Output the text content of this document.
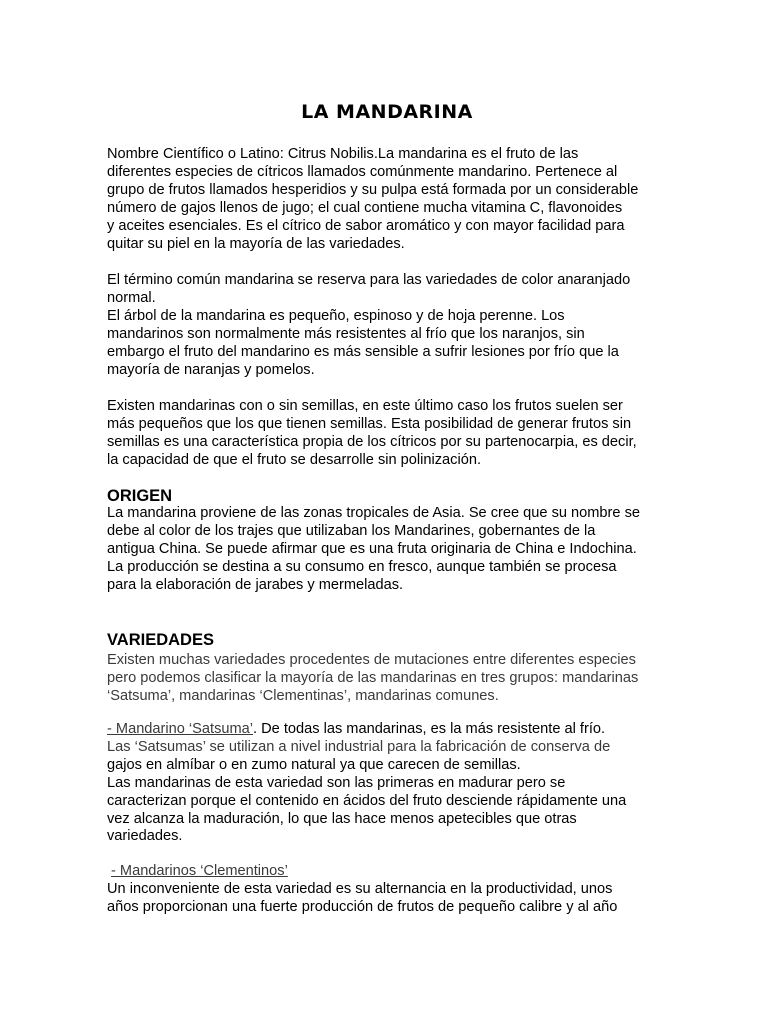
LA MANDARINA
Nombre Científico o Latino: Citrus Nobilis.La mandarina es el fruto de las
diferentes especies de cítricos llamados comúnmente mandarino. Pertenece al
grupo de frutos llamados hesperidios y su pulpa está formada por un considerable
número de gajos llenos de jugo; el cual contiene mucha vitamina C, flavonoides
y aceites esenciales. Es el cítrico de sabor aromático y con mayor facilidad para
quitar su piel en la mayoría de las variedades.
El término común mandarina se reserva para las variedades de color anaranjado
normal.
El árbol de la mandarina es pequeño, espinoso y de hoja perenne. Los
mandarinos son normalmente más resistentes al frío que los naranjos, sin
embargo el fruto del mandarino es más sensible a sufrir lesiones por frío que la
mayoría de naranjas y pomelos.
Existen mandarinas con o sin semillas, en este último caso los frutos suelen ser
más pequeños que los que tienen semillas. Esta posibilidad de generar frutos sin
semillas es una característica propia de los cítricos por su partenocarpia, es decir,
la capacidad de que el fruto se desarrolle sin polinización.
ORIGEN
La mandarina proviene de las zonas tropicales de Asia. Se cree que su nombre se
debe al color de los trajes que utilizaban los Mandarines, gobernantes de la
antigua China. Se puede afirmar que es una fruta originaria de China e Indochina.
La producción se destina a su consumo en fresco, aunque también se procesa
para la elaboración de jarabes y mermeladas.
VARIEDADES
Existen muchas variedades procedentes de mutaciones entre diferentes especies
pero podemos clasificar la mayoría de las mandarinas en tres grupos: mandarinas
‘Satsuma’, mandarinas ‘Clementinas’, mandarinas comunes.
- Mandarino ‘Satsuma’. De todas las mandarinas, es la más resistente al frío.
Las ‘Satsumas’ se utilizan a nivel industrial para la fabricación de conserva de
gajos en almíbar o en zumo natural ya que carecen de semillas.
Las mandarinas de esta variedad son las primeras en madurar pero se
caracterizan porque el contenido en ácidos del fruto desciende rápidamente una
vez alcanza la maduración, lo que las hace menos apetecibles que otras
variedades.
- Mandarinos ‘Clementinos’
Un inconveniente de esta variedad es su alternancia en la productividad, unos
años proporcionan una fuerte producción de frutos de pequeño calibre y al año
